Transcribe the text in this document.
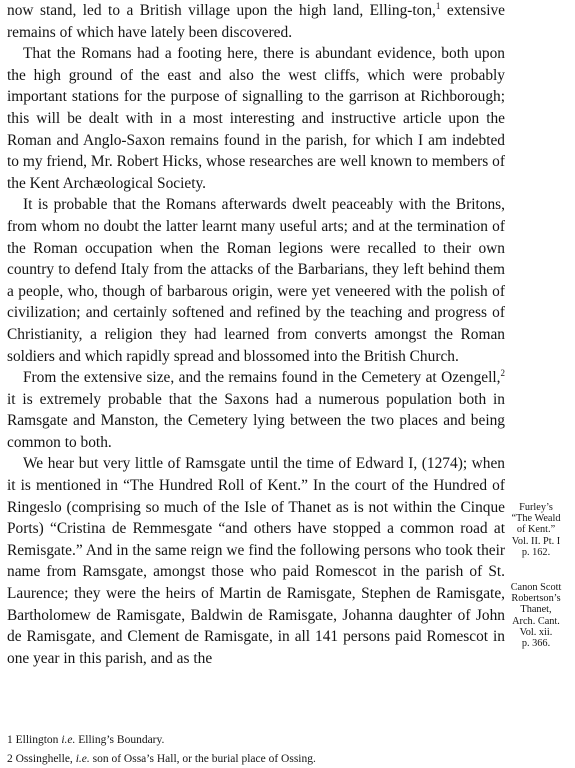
now stand, led to a British village upon the high land, Elling-ton,$^1$ extensive remains of which have lately been discovered.

That the Romans had a footing here, there is abundant evidence, both upon the high ground of the east and also the west cliffs, which were probably important stations for the purpose of signalling to the garrison at Richborough; this will be dealt with in a most interesting and instructive article upon the Roman and Anglo-Saxon remains found in the parish, for which I am indebted to my friend, Mr. Robert Hicks, whose researches are well known to members of the Kent Archæological Society.

It is probable that the Romans afterwards dwelt peaceably with the Britons, from whom no doubt the latter learnt many useful arts; and at the termination of the Roman occupation when the Roman legions were recalled to their own country to defend Italy from the attacks of the Barbarians, they left behind them a people, who, though of barbarous origin, were yet veneered with the polish of civilization; and certainly softened and refined by the teaching and progress of Christianity, a religion they had learned from converts amongst the Roman soldiers and which rapidly spread and blossomed into the British Church.

From the extensive size, and the remains found in the Cemetery at Ozengell,$^2$ it is extremely probable that the Saxons had a numerous population both in Ramsgate and Manston, the Cemetery lying between the two places and being common to both.

We hear but very little of Ramsgate until the time of Edward I, (1274); when it is mentioned in “The Hundred Roll of Kent.” In the court of the Hundred of Ringeslo (comprising so much of the Isle of Thanet as is not within the Cinque Ports) “Cristina de Remmesgate “and others have stopped a common road at Remisgate.” And in the same reign we find the following persons who took their name from Ramsgate, amongst those who paid Romescot in the parish of St. Laurence; they were the heirs of Martin de Ramisgate, Stephen de Ramisgate, Bartholomew de Ramisgate, Baldwin de Ramisgate, Johanna daughter of John de Ramisgate, and Clement de Ramisgate, in all 141 persons paid Romescot in one year in this parish, and as the

Furley’s
“The Weald
of Kent.”
Vol. II. Pt. I
p. 162.
Canon Scott
Robertson’s
Thanet,
Arch. Cant.
Vol. xii.
p. 366.
1 Ellington i.e. Elling’s Boundary.
2 Ossinghelle, i.e. son of Ossa’s Hall, or the burial place of Ossing.
